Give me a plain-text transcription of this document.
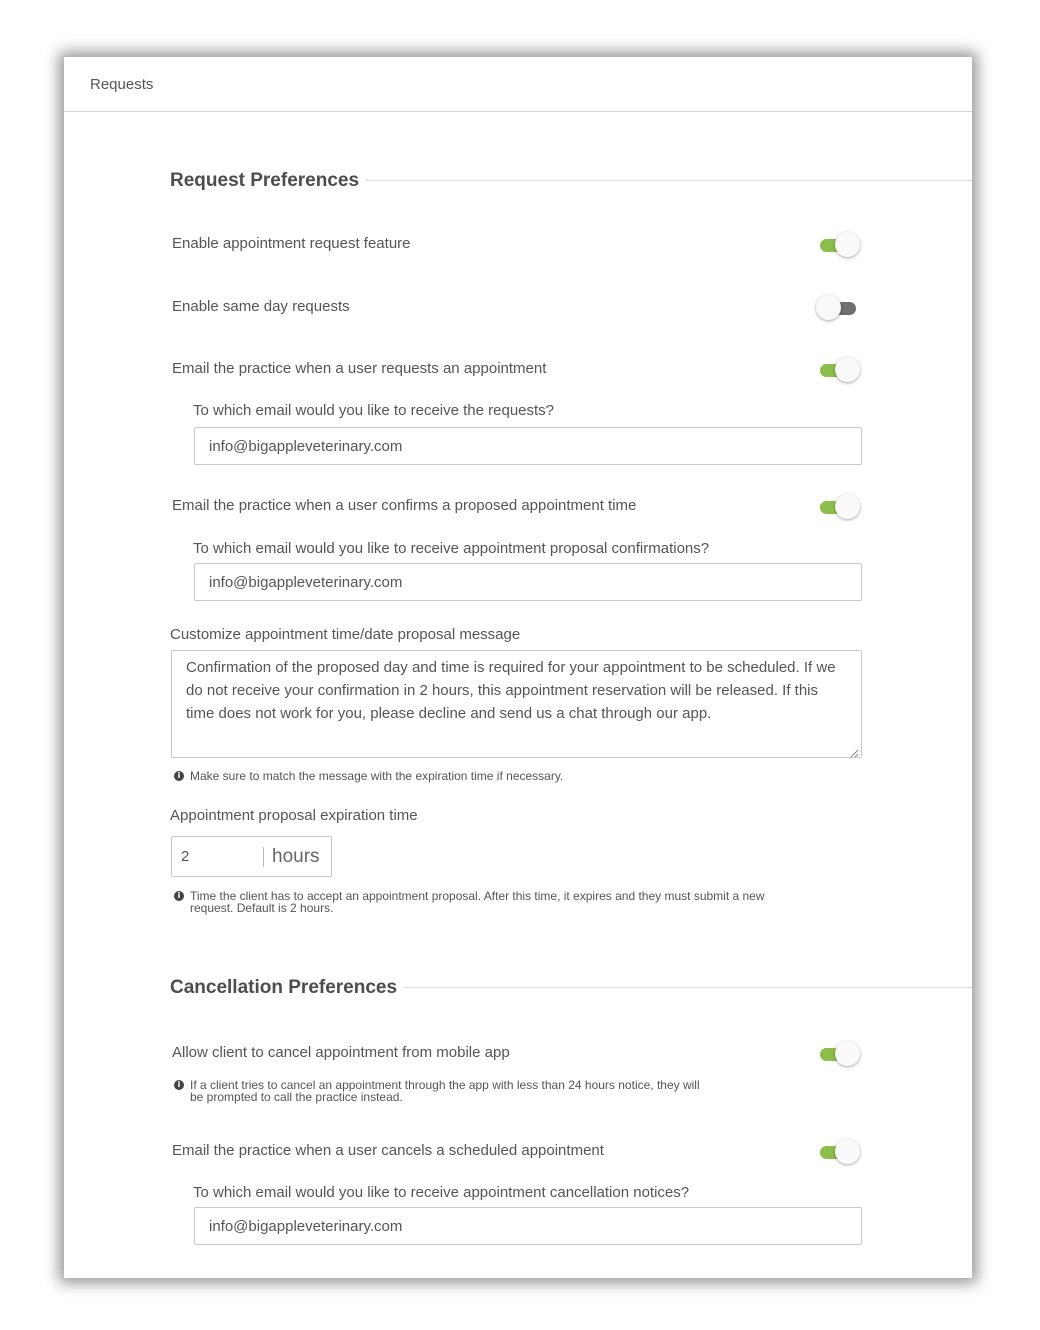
Requests
Request Preferences
Enable appointment request feature
Enable same day requests
Email the practice when a user requests an appointment
To which email would you like to receive the requests?
info@bigappleveterinary.com
Email the practice when a user confirms a proposed appointment time
To which email would you like to receive appointment proposal confirmations?
info@bigappleveterinary.com
Customize appointment time/date proposal message
Confirmation of the proposed day and time is required for your appointment to be scheduled. If we do not receive your confirmation in 2 hours, this appointment reservation will be released. If this time does not work for you, please decline and send us a chat through our app.
i Make sure to match the message with the expiration time if necessary.
Appointment proposal expiration time
2
hours
i Time the client has to accept an appointment proposal. After this time, it expires and they must submit a new
request. Default is 2 hours.
Cancellation Preferences
Allow client to cancel appointment from mobile app
i If a client tries to cancel an appointment through the app with less than 24 hours notice, they will
be prompted to call the practice instead.
Email the practice when a user cancels a scheduled appointment
To which email would you like to receive appointment cancellation notices?
info@bigappleveterinary.com
